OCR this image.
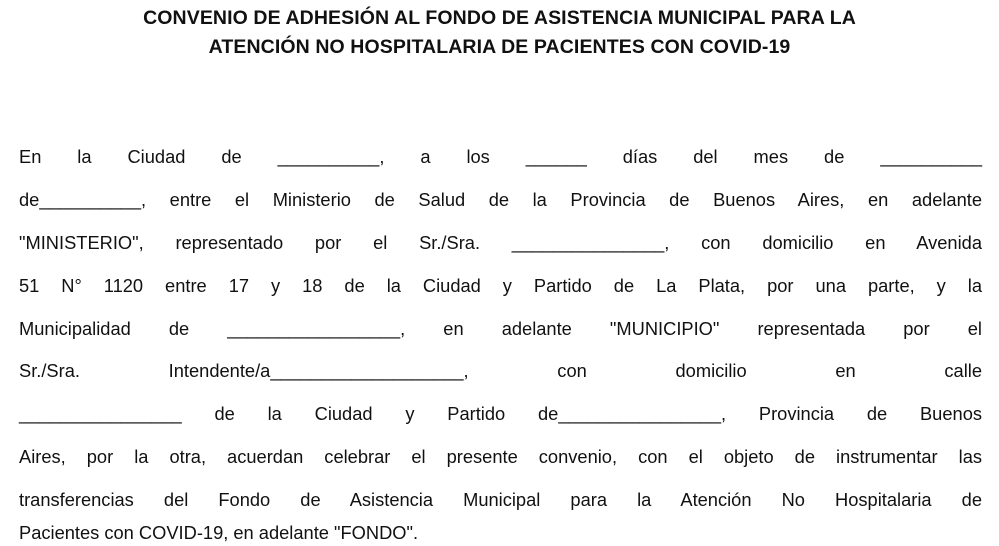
CONVENIO DE ADHESIÓN AL FONDO DE ASISTENCIA MUNICIPAL PARA LA
ATENCIÓN NO HOSPITALARIA DE PACIENTES CON COVID-19
En la Ciudad de __________, a los ______ días del mes de __________
de__________, entre el Ministerio de Salud de la Provincia de Buenos Aires, en adelante
"MINISTERIO", representado por el Sr./Sra. _______________, con domicilio en Avenida
51 N° 1120 entre 17 y 18 de la Ciudad y Partido de La Plata, por una parte, y la
Municipalidad de _________________, en adelante "MUNICIPIO" representada por el
Sr./Sra. Intendente/a___________________, con domicilio en calle
________________ de la Ciudad y Partido de________________, Provincia de Buenos
Aires, por la otra, acuerdan celebrar el presente convenio, con el objeto de instrumentar las
transferencias del Fondo de Asistencia Municipal para la Atención No Hospitalaria de
Pacientes con COVID-19, en adelante "FONDO".
